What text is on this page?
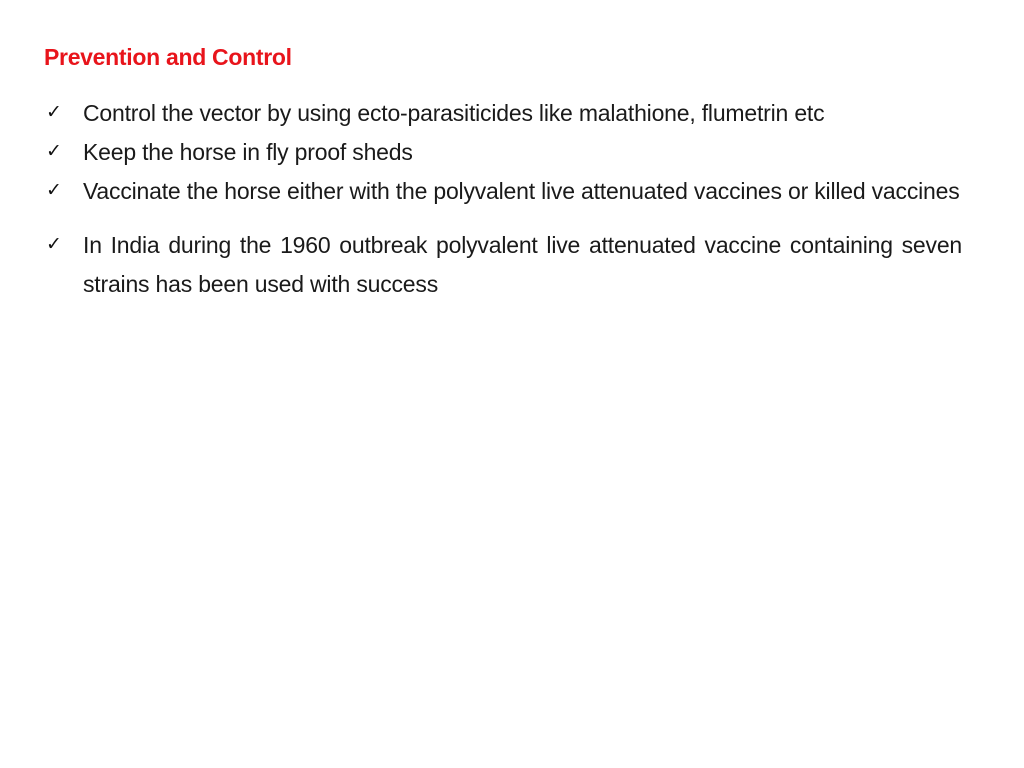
Prevention and Control
✓ Control the vector by using ecto-parasiticides like malathione, flumetrin etc
✓ Keep the horse in fly proof sheds
✓ Vaccinate the horse either with the polyvalent live attenuated vaccines or killed vaccines
✓ In India during the 1960 outbreak polyvalent live attenuated vaccine containing seven strains has been used with success
